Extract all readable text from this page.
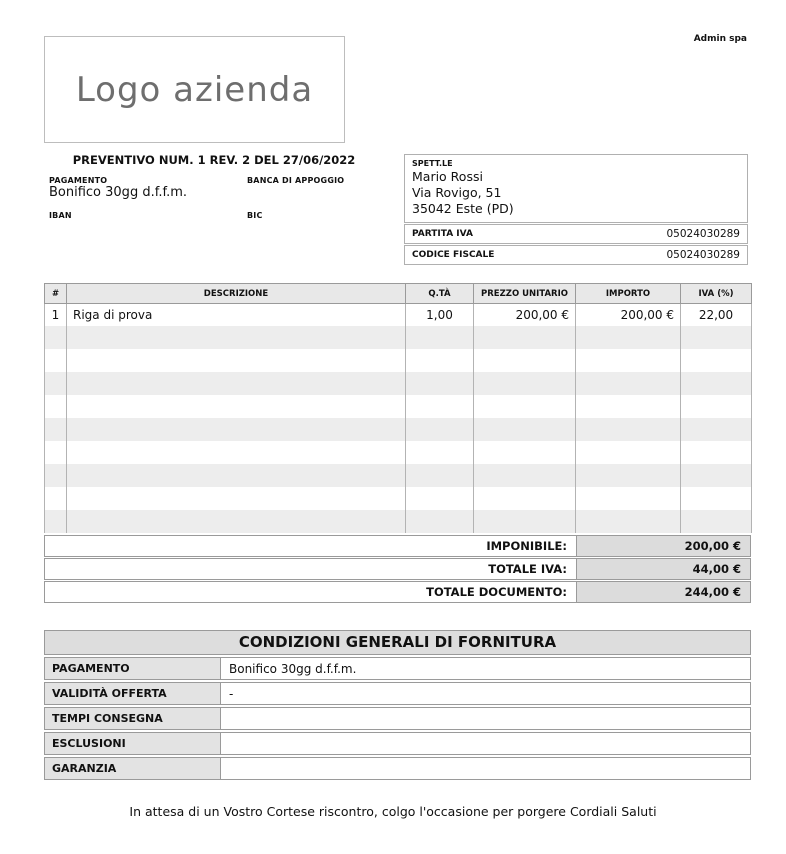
Admin spa
Logo azienda
PREVENTIVO NUM. 1 REV. 2 DEL 27/06/2022
PAGAMENTO
Bonifico 30gg d.f.f.m.
BANCA DI APPOGGIO
IBAN	BIC
SPETT.LE
Mario Rossi
Via Rovigo, 51
35042 Este (PD)
PARTITA IVA	05024030289
CODICE FISCALE	05024030289
#	DESCRIZIONE	Q.TÀ	PREZZO UNITARIO	IMPORTO	IVA (%)
1	Riga di prova	1,00	200,00 €	200,00 €	22,00

IMPONIBILE:	200,00 €
TOTALE IVA:	44,00 €
TOTALE DOCUMENTO:	244,00 €
CONDIZIONI GENERALI DI FORNITURA
PAGAMENTO	Bonifico 30gg d.f.f.m.
VALIDITÀ OFFERTA	-
TEMPI CONSEGNA
ESCLUSIONI
GARANZIA
In attesa di un Vostro Cortese riscontro, colgo l'occasione per porgere Cordiali Saluti
